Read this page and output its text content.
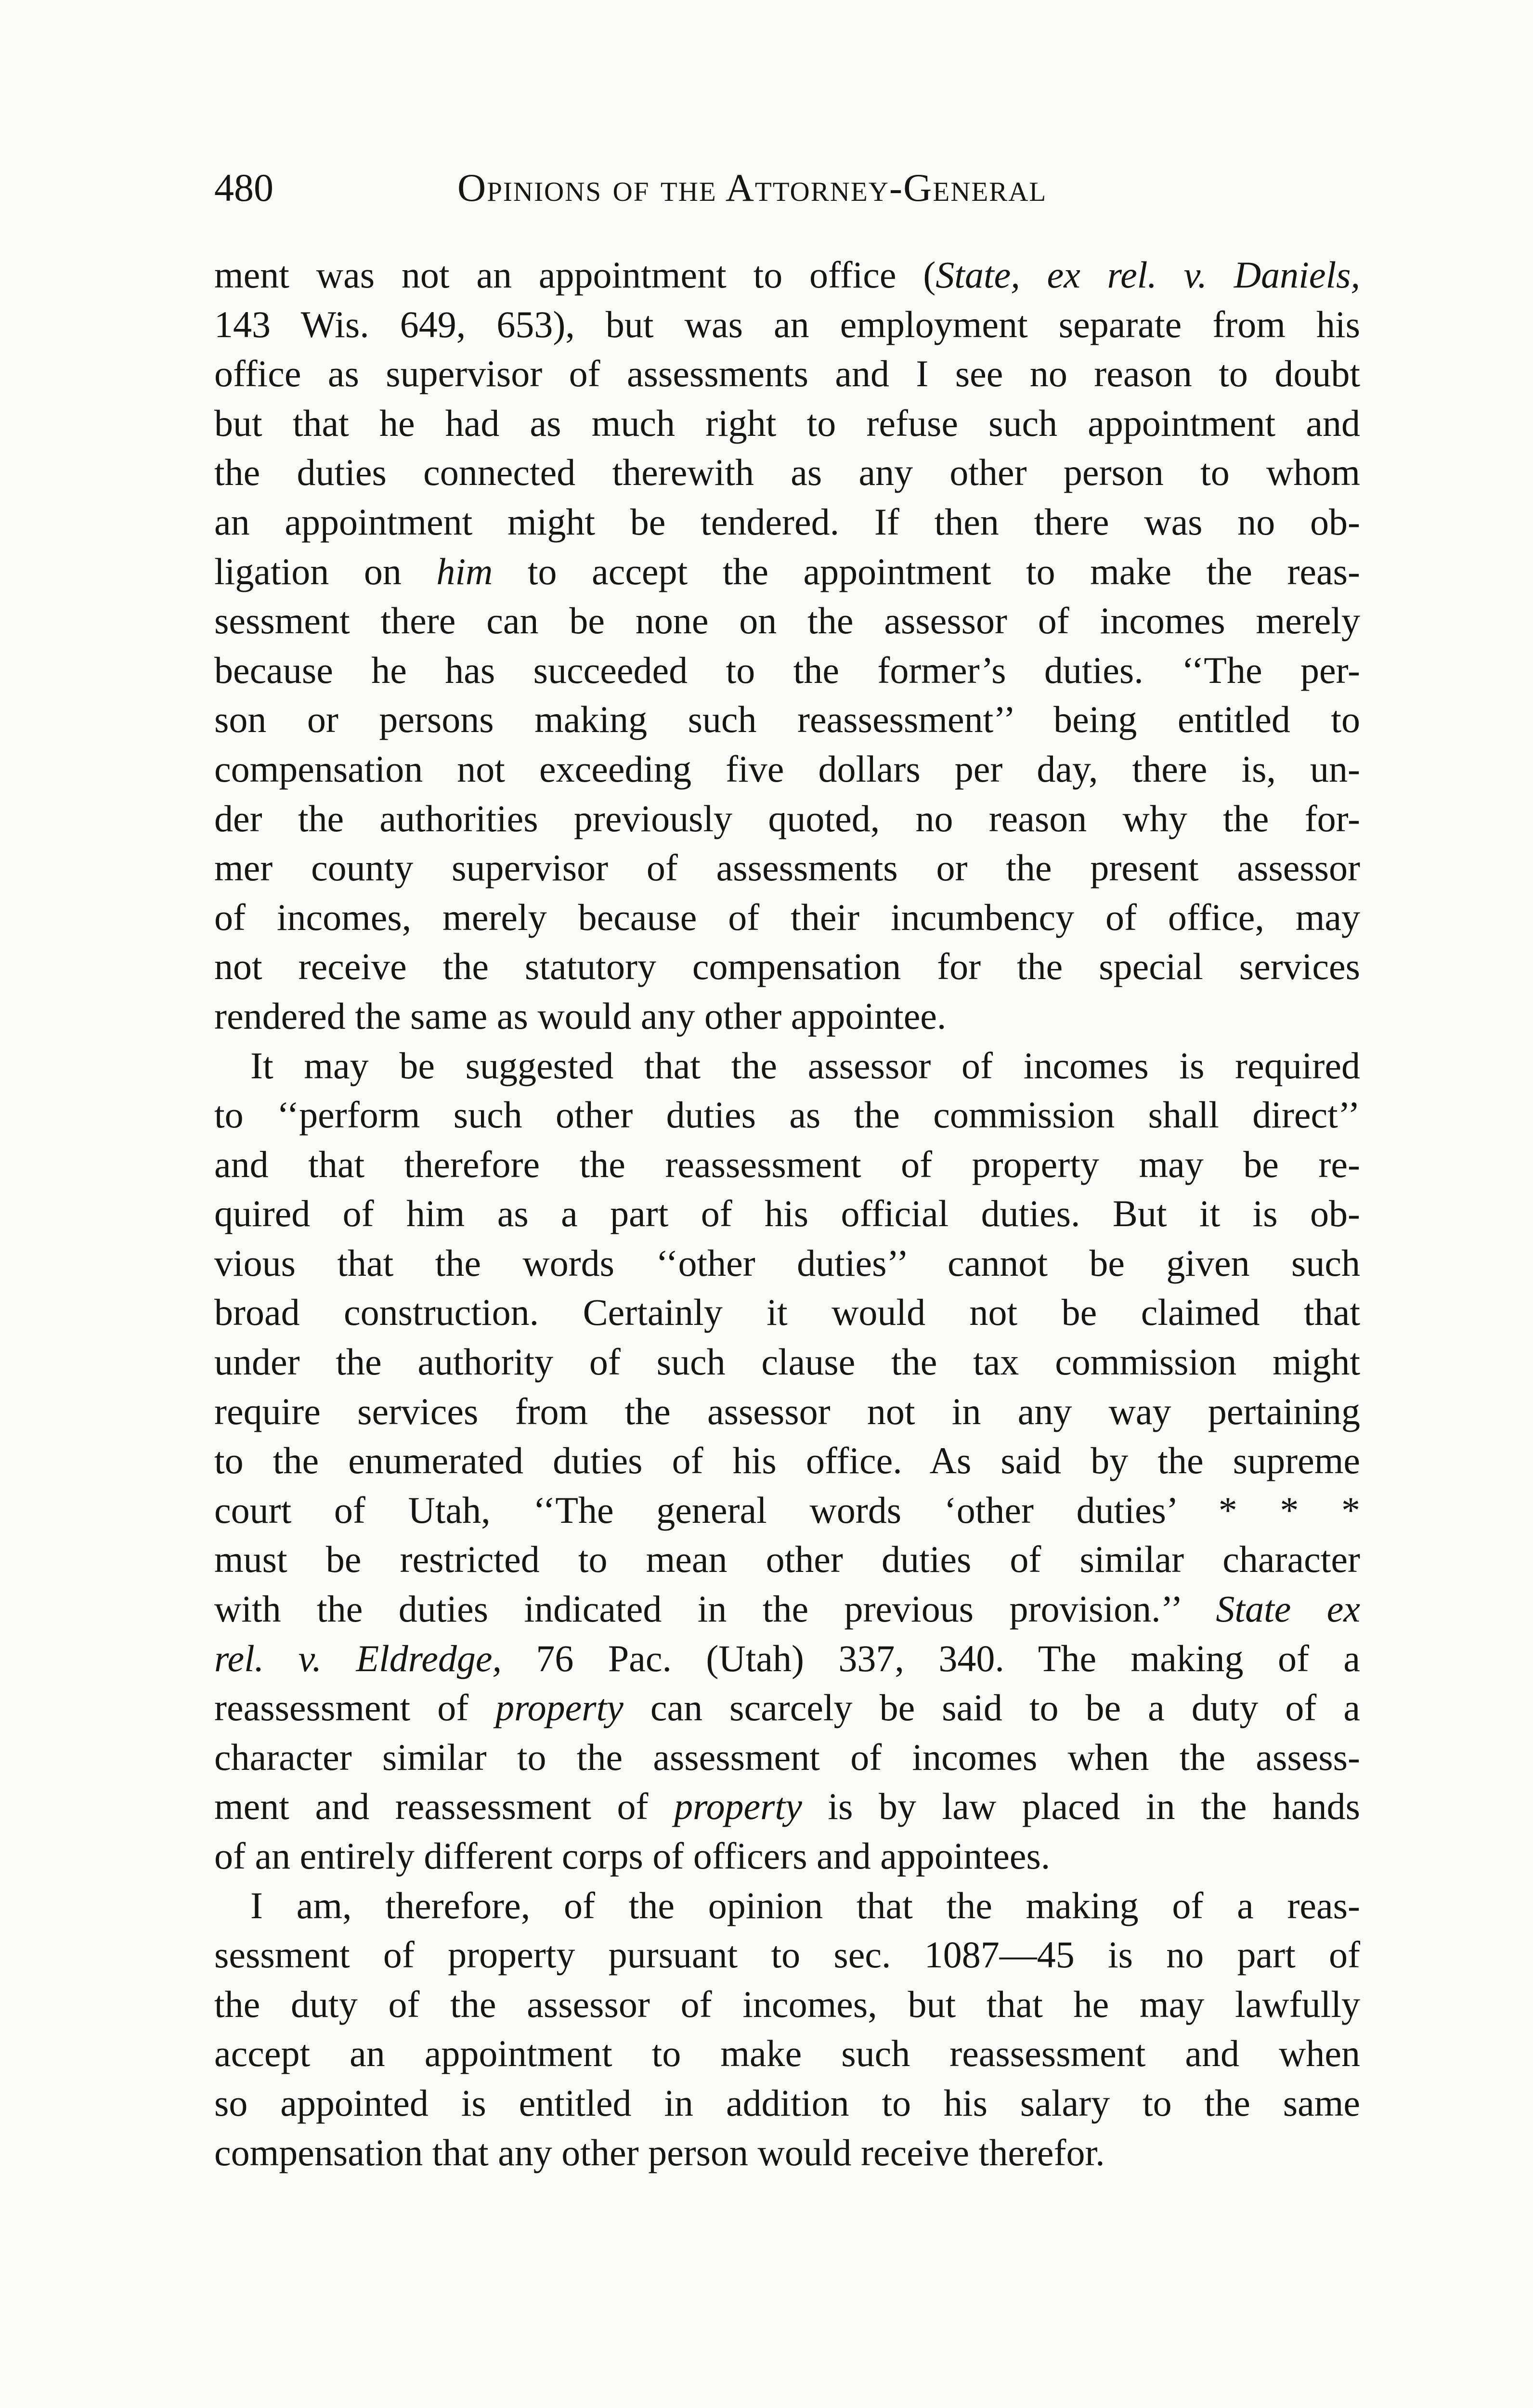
480	Opinions of the Attorney-General
ment was not an appointment to office (State, ex rel. v. Daniels,
143 Wis. 649, 653), but was an employment separate from his
office as supervisor of assessments and I see no reason to doubt
but that he had as much right to refuse such appointment and
the duties connected therewith as any other person to whom
an appointment might be tendered. If then there was no ob-
ligation on him to accept the appointment to make the reas-
sessment there can be none on the assessor of incomes merely
because he has succeeded to the former’s duties. ‘‘The per-
son or persons making such reassessment’’ being entitled to
compensation not exceeding five dollars per day, there is, un-
der the authorities previously quoted, no reason why the for-
mer county supervisor of assessments or the present assessor
of incomes, merely because of their incumbency of office, may
not receive the statutory compensation for the special services
rendered the same as would any other appointee.
It may be suggested that the assessor of incomes is required
to ‘‘perform such other duties as the commission shall direct’’
and that therefore the reassessment of property may be re-
quired of him as a part of his official duties. But it is ob-
vious that the words ‘‘other duties’’ cannot be given such
broad construction. Certainly it would not be claimed that
under the authority of such clause the tax commission might
require services from the assessor not in any way pertaining
to the enumerated duties of his office. As said by the supreme
court of Utah, ‘‘The general words ‘other duties’ * * *
must be restricted to mean other duties of similar character
with the duties indicated in the previous provision.’’ State ex
rel. v. Eldredge, 76 Pac. (Utah) 337, 340. The making of a
reassessment of property can scarcely be said to be a duty of a
character similar to the assessment of incomes when the assess-
ment and reassessment of property is by law placed in the hands
of an entirely different corps of officers and appointees.
I am, therefore, of the opinion that the making of a reas-
sessment of property pursuant to sec. 1087—45 is no part of
the duty of the assessor of incomes, but that he may lawfully
accept an appointment to make such reassessment and when
so appointed is entitled in addition to his salary to the same
compensation that any other person would receive therefor.
